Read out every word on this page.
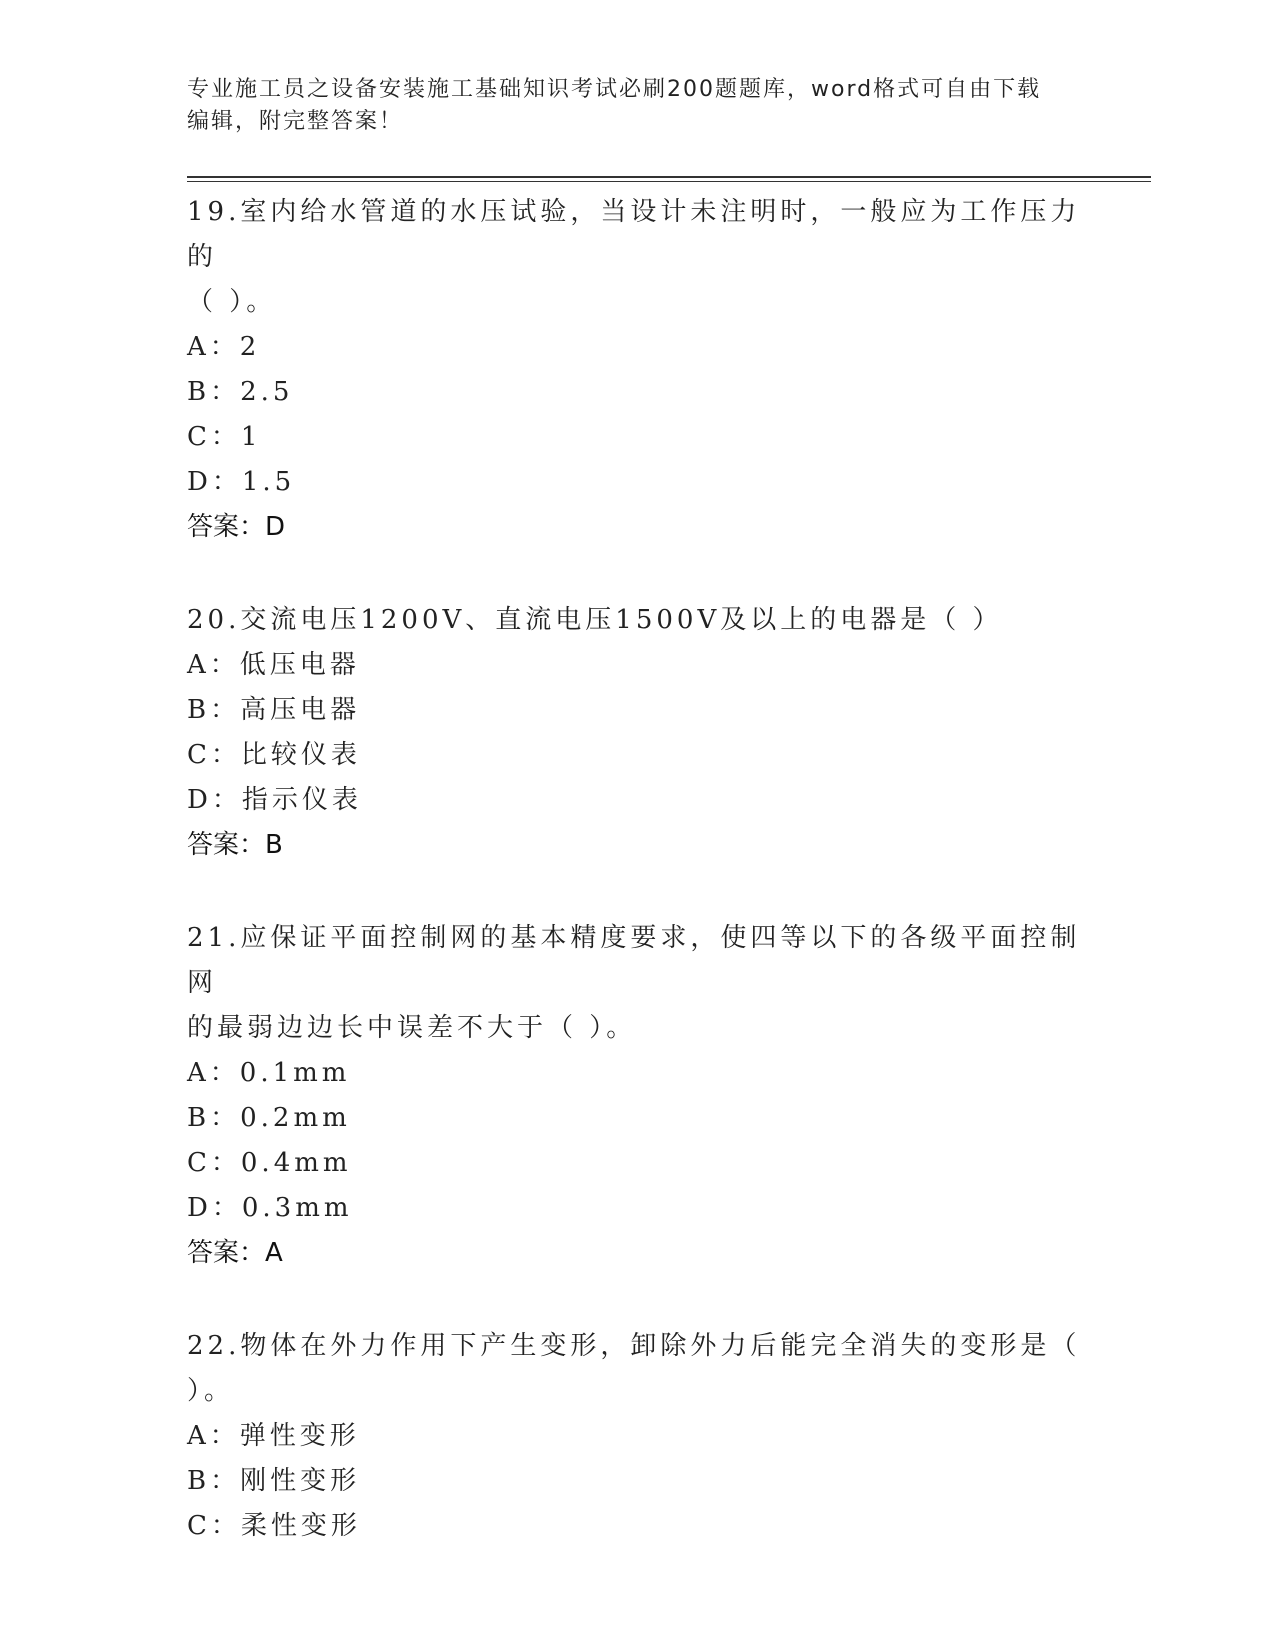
专业施工员之设备安装施工基础知识考试必刷200题题库，word格式可自由下载
编辑，附完整答案！
19.室内给水管道的水压试验，当设计未注明时，一般应为工作压力的
（ ）。
A：2
B：2.5
C：1
D：1.5
答案：D
20.交流电压1200V、直流电压1500V及以上的电器是（ ）
A：低压电器
B：高压电器
C：比较仪表
D：指示仪表
答案：B
21.应保证平面控制网的基本精度要求，使四等以下的各级平面控制网
的最弱边边长中误差不大于（ ）。
A：0.1mm
B：0.2mm
C：0.4mm
D：0.3mm
答案：A
22.物体在外力作用下产生变形，卸除外力后能完全消失的变形是（
）。
A：弹性变形
B：刚性变形
C：柔性变形
